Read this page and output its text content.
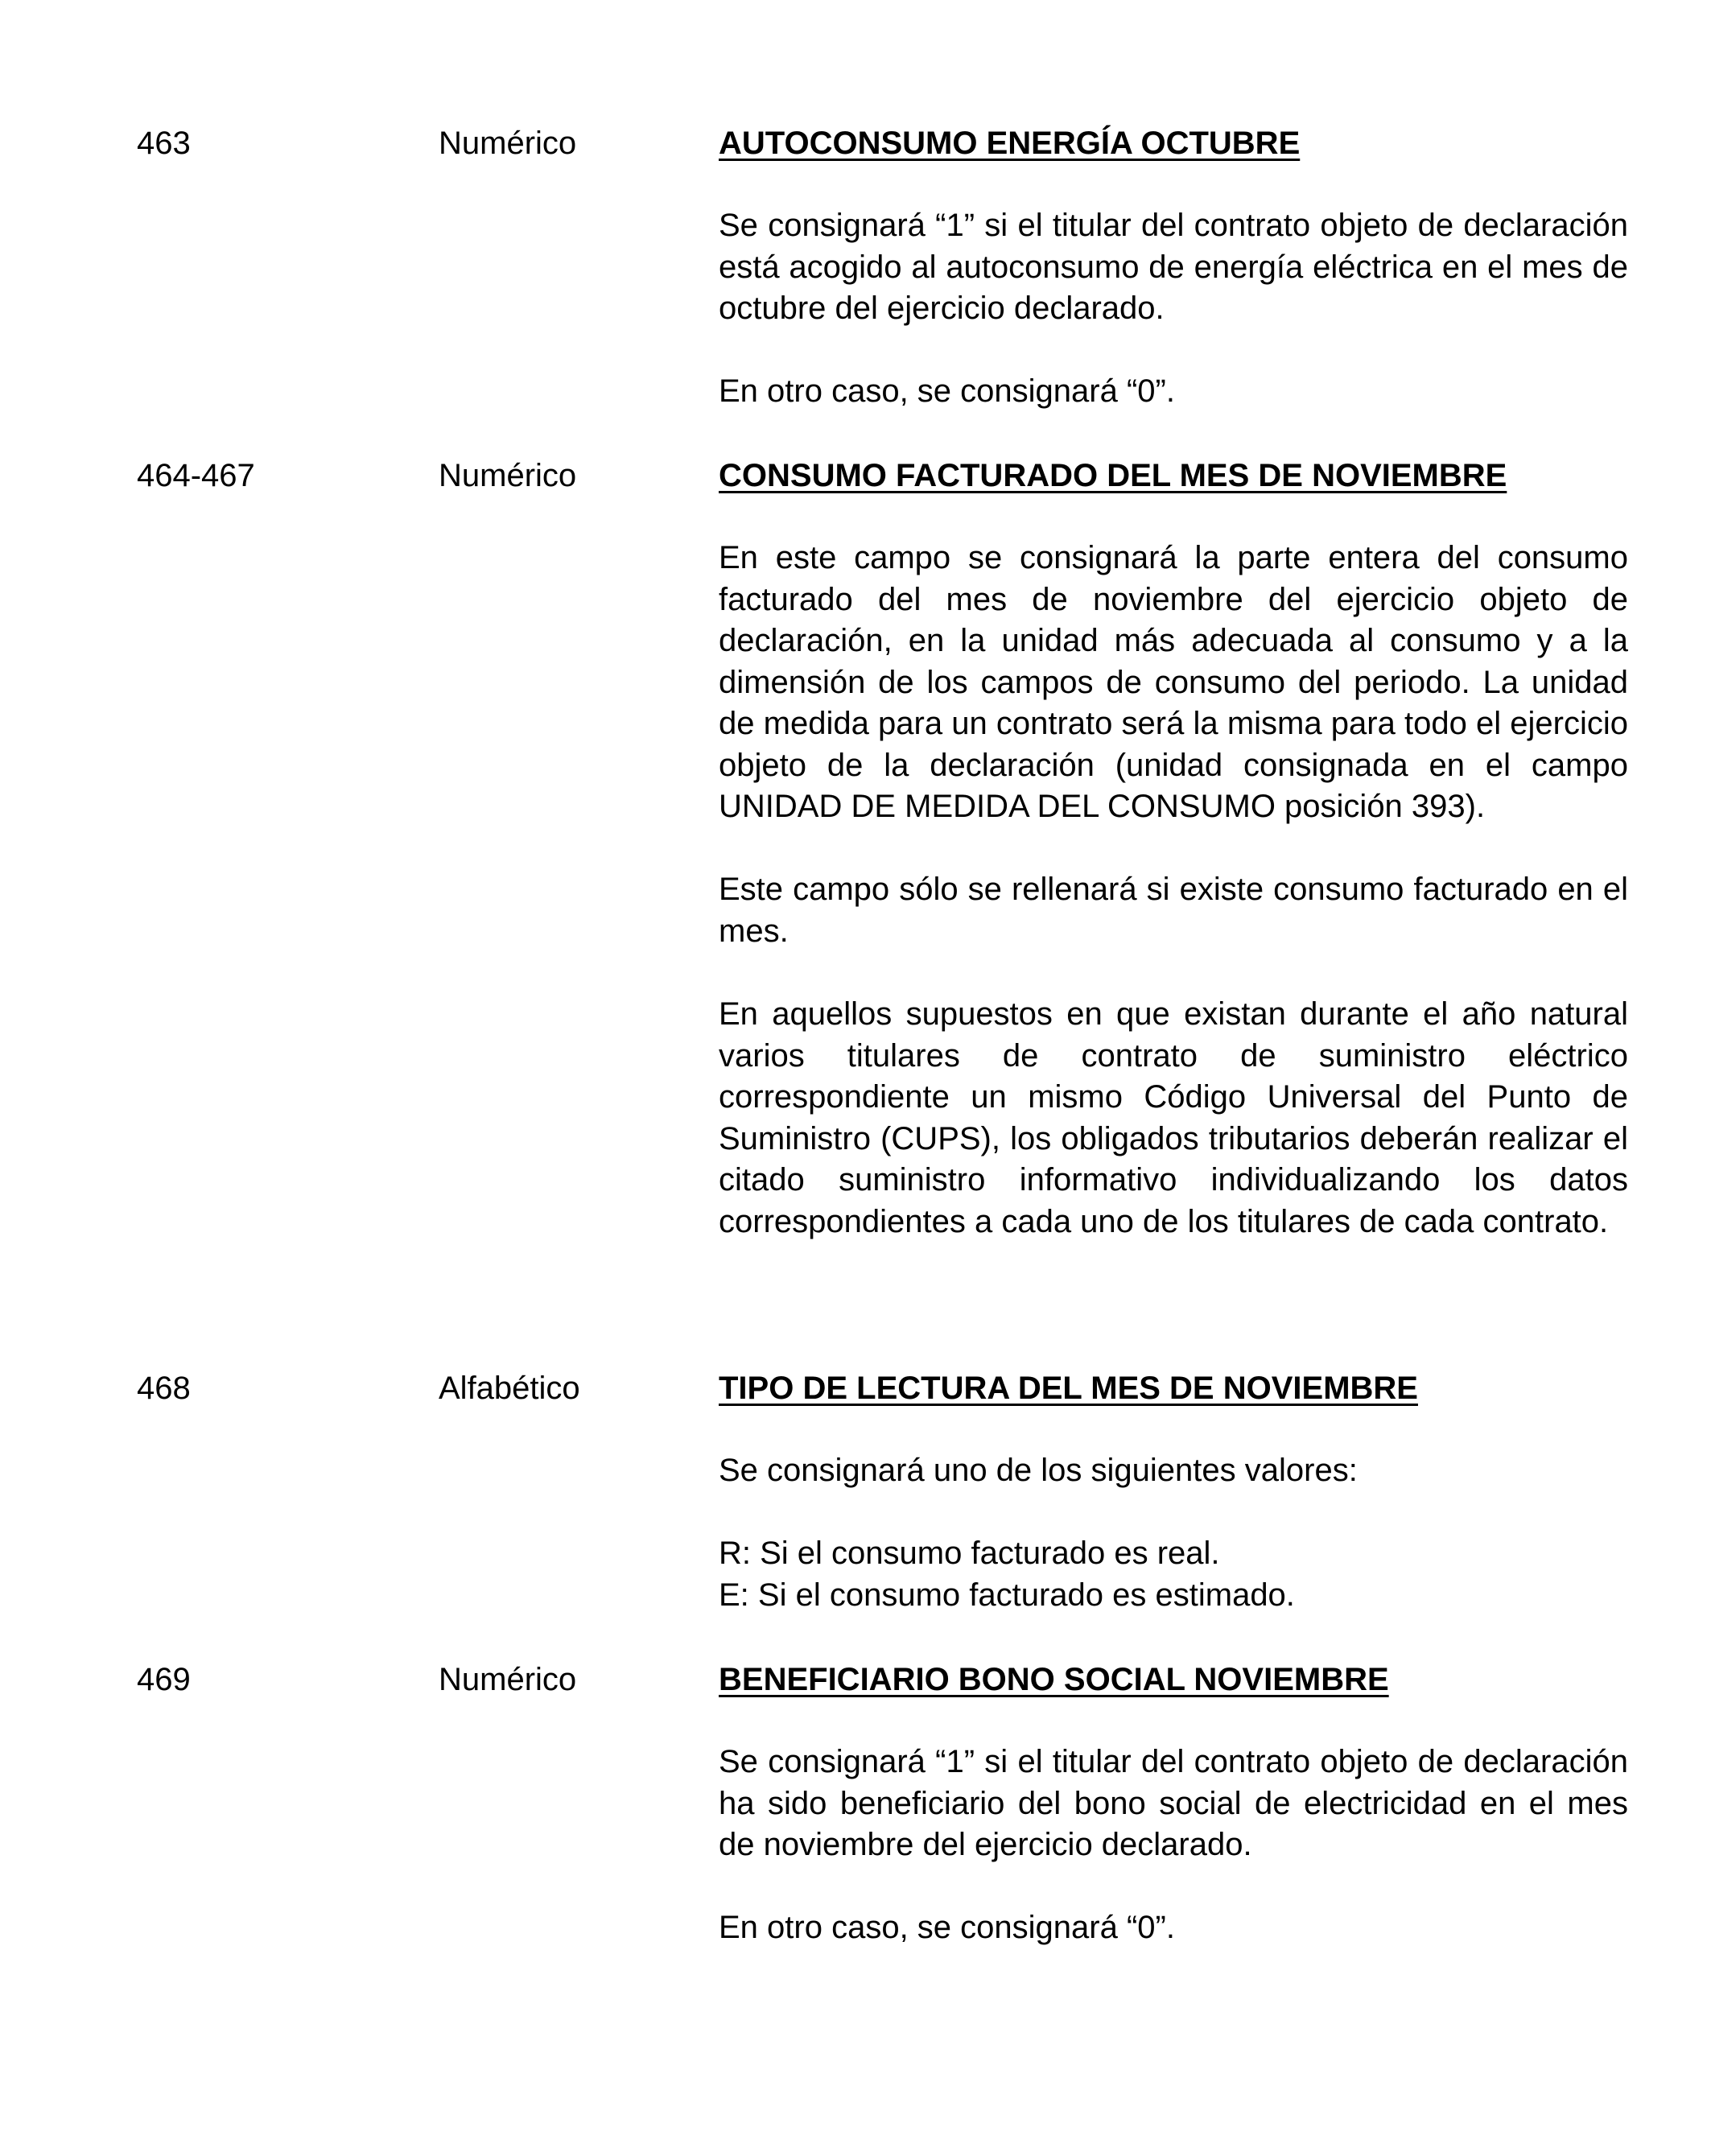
463	Numérico	AUTOCONSUMO ENERGÍA OCTUBRE

Se consignará “1” si el titular del contrato objeto de declaración está acogido al autoconsumo de energía eléctrica en el mes de octubre del ejercicio declarado.

En otro caso, se consignará “0”.

464-467	Numérico	CONSUMO FACTURADO DEL MES DE NOVIEMBRE

En este campo se consignará la parte entera del consumo facturado del mes de noviembre del ejercicio objeto de declaración, en la unidad más adecuada al consumo y a la dimensión de los campos de consumo del periodo. La unidad de medida para un contrato será la misma para todo el ejercicio objeto de la declaración (unidad consignada en el campo UNIDAD DE MEDIDA DEL CONSUMO posición 393).

Este campo sólo se rellenará si existe consumo facturado en el mes.

En aquellos supuestos en que existan durante el año natural varios titulares de contrato de suministro eléctrico correspondiente un mismo Código Universal del Punto de Suministro (CUPS), los obligados tributarios deberán realizar el citado suministro informativo individualizando los datos correspondientes a cada uno de los titulares de cada contrato.

468	Alfabético	TIPO DE LECTURA DEL MES DE NOVIEMBRE

Se consignará uno de los siguientes valores:

R: Si el consumo facturado es real.
E: Si el consumo facturado es estimado.

469	Numérico	BENEFICIARIO BONO SOCIAL NOVIEMBRE

Se consignará “1” si el titular del contrato objeto de declaración ha sido beneficiario del bono social de electricidad en el mes de noviembre del ejercicio declarado.

En otro caso, se consignará “0”.
